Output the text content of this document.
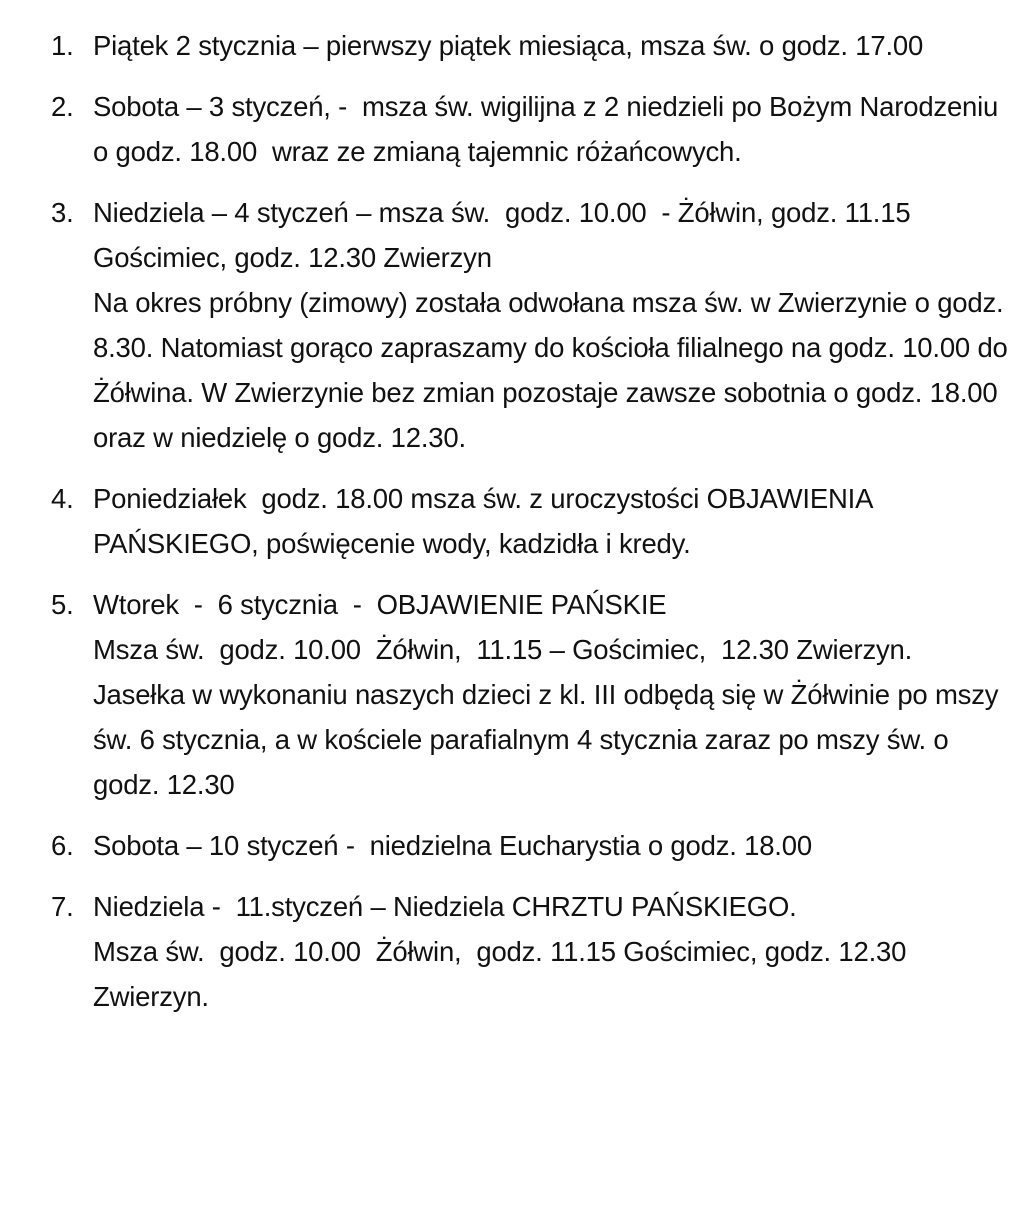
1. Piątek 2 stycznia – pierwszy piątek miesiąca, msza św. o godz. 17.00
2. Sobota – 3 styczeń, -  msza św. wigilijna z 2 niedzieli po Bożym Narodzeniu o godz. 18.00  wraz ze zmianą tajemnic różańcowych.
3. Niedziela – 4 styczeń – msza św.  godz. 10.00  - Żółwin, godz. 11.15 Gościmiec, godz. 12.30 Zwierzyn
Na okres próbny (zimowy) została odwołana msza św. w Zwierzynie o godz. 8.30. Natomiast gorąco zapraszamy do kościoła filialnego na godz. 10.00 do Żółwina. W Zwierzynie bez zmian pozostaje zawsze sobotnia o godz. 18.00 oraz w niedzielę o godz. 12.30.
4. Poniedziałek  godz. 18.00 msza św. z uroczystości OBJAWIENIA PAŃSKIEGO, poświęcenie wody, kadzidła i kredy.
5. Wtorek  -  6 stycznia  -  OBJAWIENIE PAŃSKIE
Msza św.  godz. 10.00  Żółwin,  11.15 – Gościmiec,  12.30 Zwierzyn.
Jasełka w wykonaniu naszych dzieci z kl. III odbędą się w Żółwinie po mszy św. 6 stycznia, a w kościele parafialnym 4 stycznia zaraz po mszy św. o godz. 12.30
6. Sobota – 10 styczeń -  niedzielna Eucharystia o godz. 18.00
7. Niedziela -  11.styczeń – Niedziela CHRZTU PAŃSKIEGO.
Msza św.  godz. 10.00  Żółwin,  godz. 11.15 Gościmiec, godz. 12.30 Zwierzyn.
